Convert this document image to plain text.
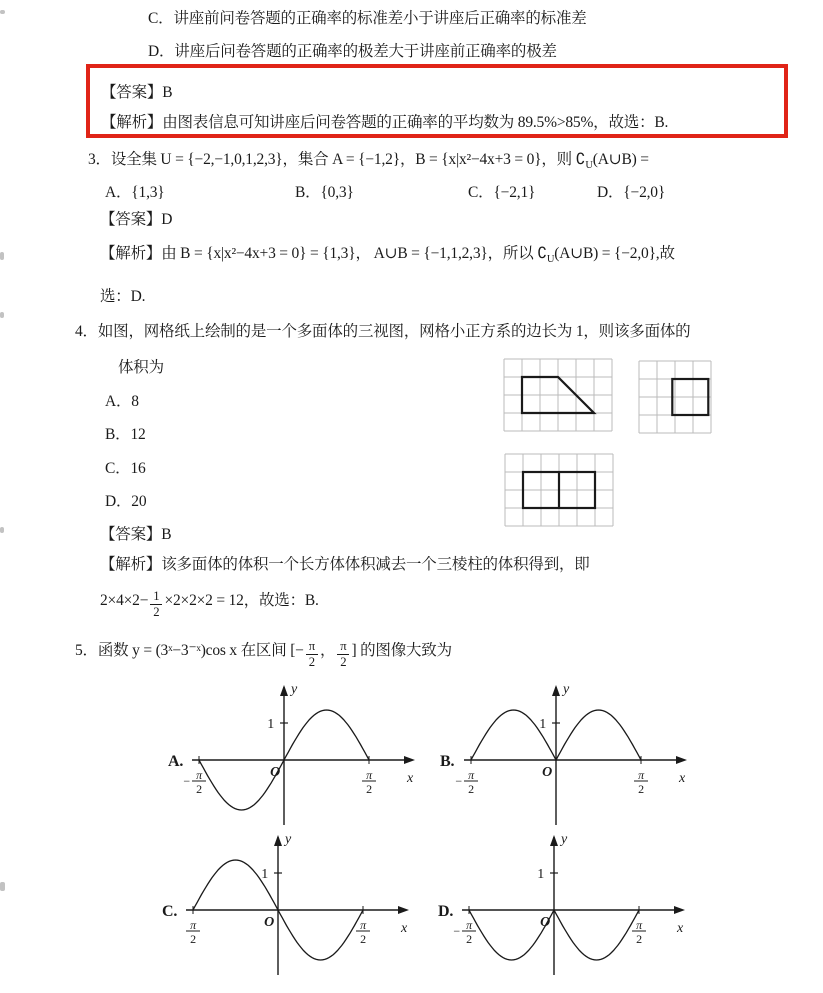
C．讲座前问卷答题的正确率的标准差小于讲座后正确率的标准差
D．讲座后问卷答题的正确率的极差大于讲座前正确率的极差
【答案】B
【解析】由图表信息可知讲座后问卷答题的正确率的平均数为 89.5%>85%，故选：B.
3．设全集 U = {−2,−1,0,1,2,3}，集合 A = {−1,2}，B = {x|x²−4x+3 = 0}，则 $∁_U(A\cup B)$ =
A．{1,3}	B．{0,3}	C．{−2,1}	D．{−2,0}
【答案】D
【解析】由 B = {x|x²−4x+3 = 0} = {1,3}， A∪B = {−1,1,2,3}，所以 $∁_U(A\cup B) = \{-2,0\}$,故
选：D.
4．如图，网格纸上绘制的是一个多面体的三视图，网格小正方系的边长为 1，则该多面体的
体积为
A．8
B．12
C．16
D．20
【答案】B
【解析】该多面体的体积一个长方体体积减去一个三棱柱的体积得到，即
$2\times 4\times 2- \frac{1}{2} \times 2\times 2\times 2 = 12$，故选：B.
5．函数 y = (3ˣ−3⁻ˣ)cos x 在区间 [− $\frac{\pi}{2}$ ， $\frac{\pi}{2}$ ] 的图像大致为
1
A.
y
x
O
π
2
−	π
2
1
B.
y
x
O
π
2
−	π
2
1
C.
y
x
O
π
2
π
2
1
D.
y
x
O
π
2
−	π
2
